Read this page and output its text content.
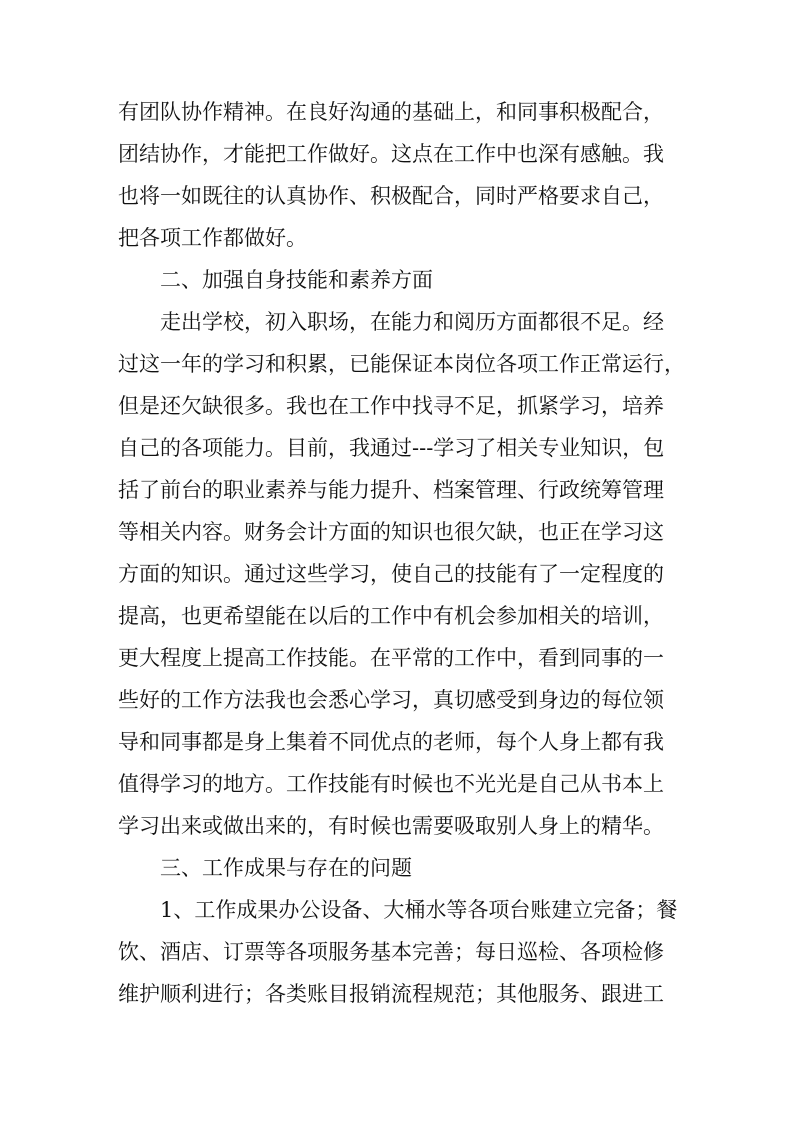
有团队协作精神。在良好沟通的基础上，和同事积极配合，
团结协作，才能把工作做好。这点在工作中也深有感触。我
也将一如既往的认真协作、积极配合，同时严格要求自己，
把各项工作都做好。
二、加强自身技能和素养方面
走出学校，初入职场，在能力和阅历方面都很不足。经
过这一年的学习和积累，已能保证本岗位各项工作正常运行，
但是还欠缺很多。我也在工作中找寻不足，抓紧学习，培养
自己的各项能力。目前，我通过---学习了相关专业知识，包
括了前台的职业素养与能力提升、档案管理、行政统筹管理
等相关内容。财务会计方面的知识也很欠缺，也正在学习这
方面的知识。通过这些学习，使自己的技能有了一定程度的
提高，也更希望能在以后的工作中有机会参加相关的培训，
更大程度上提高工作技能。在平常的工作中，看到同事的一
些好的工作方法我也会悉心学习，真切感受到身边的每位领
导和同事都是身上集着不同优点的老师，每个人身上都有我
值得学习的地方。工作技能有时候也不光光是自己从书本上
学习出来或做出来的，有时候也需要吸取别人身上的精华。
三、工作成果与存在的问题
1、工作成果办公设备、大桶水等各项台账建立完备；餐
饮、酒店、订票等各项服务基本完善；每日巡检、各项检修
维护顺利进行；各类账目报销流程规范；其他服务、跟进工
